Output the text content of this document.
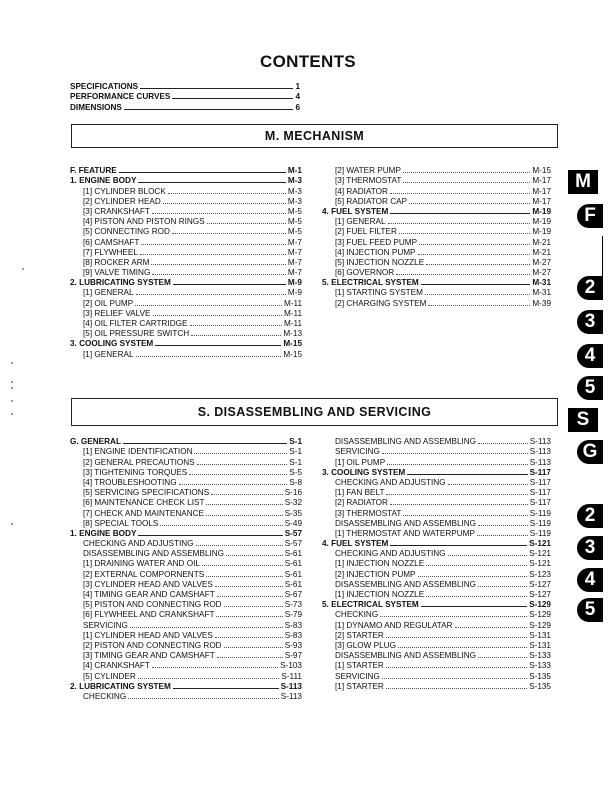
CONTENTS
SPECIFICATIONS	1
PERFORMANCE CURVES	4
DIMENSIONS	6
M. MECHANISM
F. FEATURE	M-1
1. ENGINE BODY	M-3
[1] CYLINDER BLOCK	M-3
[2] CYLINDER HEAD	M-3
[3] CRANKSHAFT	M-5
[4] PISTON AND PISTON RINGS	M-5
[5] CONNECTING ROD	M-5
[6] CAMSHAFT	M-7
[7] FLYWHEEL	M-7
[8] ROCKER ARM	M-7
[9] VALVE TIMING	M-7
2. LUBRICATING SYSTEM	M-9
[1] GENERAL	M-9
[2] OIL PUMP	M-11
[3] RELIEF VALVE	M-11
[4] OIL FILTER CARTRIDGE	M-11
[5] OIL PRESSURE SWITCH	M-13
3. COOLING SYSTEM	M-15
[1] GENERAL	M-15
[2] WATER PUMP	M-15
[3] THERMOSTAT	M-17
[4] RADIATOR	M-17
[5] RADIATOR CAP	M-17
4. FUEL SYSTEM	M-19
[1] GENERAL	M-19
[2] FUEL FILTER	M-19
[3] FUEL FEED PUMP	M-21
[4] INJECTION PUMP	M-21
[5] INJECTION NOZZLE	M-27
[6] GOVERNOR	M-27
5. ELECTRICAL SYSTEM	M-31
[1] STARTING SYSTEM	M-31
[2] CHARGING SYSTEM	M-39
S. DISASSEMBLING AND SERVICING
G. GENERAL	S-1
[1] ENGINE IDENTIFICATION	S-1
[2] GENERAL PRECAUTIONS	S-1
[3] TIGHTENING TORQUES	S-5
[4] TROUBLESHOOTING	S-8
[5] SERVICING SPECIFICATIONS	S-16
[6] MAINTENANCE CHECK LIST	S-32
[7] CHECK AND MAINTENANCE	S-35
[8] SPECIAL TOOLS	S-49
1. ENGINE BODY	S-57
CHECKING AND ADJUSTING	S-57
DISASSEMBLING AND ASSEMBLING	S-61
[1] DRAINING WATER AND OIL	S-61
[2] EXTERNAL COMPORNENTS	S-61
[3] CYLINDER HEAD AND VALVES	S-61
[4] TIMING GEAR AND CAMSHAFT	S-67
[5] PISTON AND CONNECTING ROD	S-73
[6] FLYWHEEL AND CRANKSHAFT	S-79
SERVICING	S-83
[1] CYLINDER HEAD AND VALVES	S-83
[2] PISTON AND CONNECTING ROD	S-93
[3] TIMING GEAR AND CAMSHAFT	S-97
[4] CRANKSHAFT	S-103
[5] CYLINDER	S-111
2. LUBRICATING SYSTEM	S-113
CHECKING	S-113
DISASSEMBLING AND ASSEMBLING	S-113
SERVICING	S-113
[1] OIL PUMP	S-113
3. COOLING SYSTEM	S-117
CHECKING AND ADJUSTING	S-117
[1] FAN BELT	S-117
[2] RADIATOR	S-117
[3] THERMOSTAT	S-119
DISASSEMBLING AND ASSEMBLING	S-119
[1] THERMOSTAT AND WATERPUMP	S-119
4. FUEL SYSTEM	S-121
CHECKING AND ADJUSTING	S-121
[1] INJECTION NOZZLE	S-121
[2] INJECTION PUMP	S-123
DISASSEMBLING AND ASSEMBLING	S-127
[1] INJECTION NOZZLE	S-127
5. ELECTRICAL SYSTEM	S-129
CHECKING	S-129
[1] DYNAMO AND REGULATAR	S-129
[2] STARTER	S-131
[3] GLOW PLUG	S-131
DISASSEMBLING AND ASSEMBLING	S-133
[1] STARTER	S-133
SERVICING	S-135
[1] STARTER	S-135
M
F
2
3
4
5
S
G
2
3
4
5
